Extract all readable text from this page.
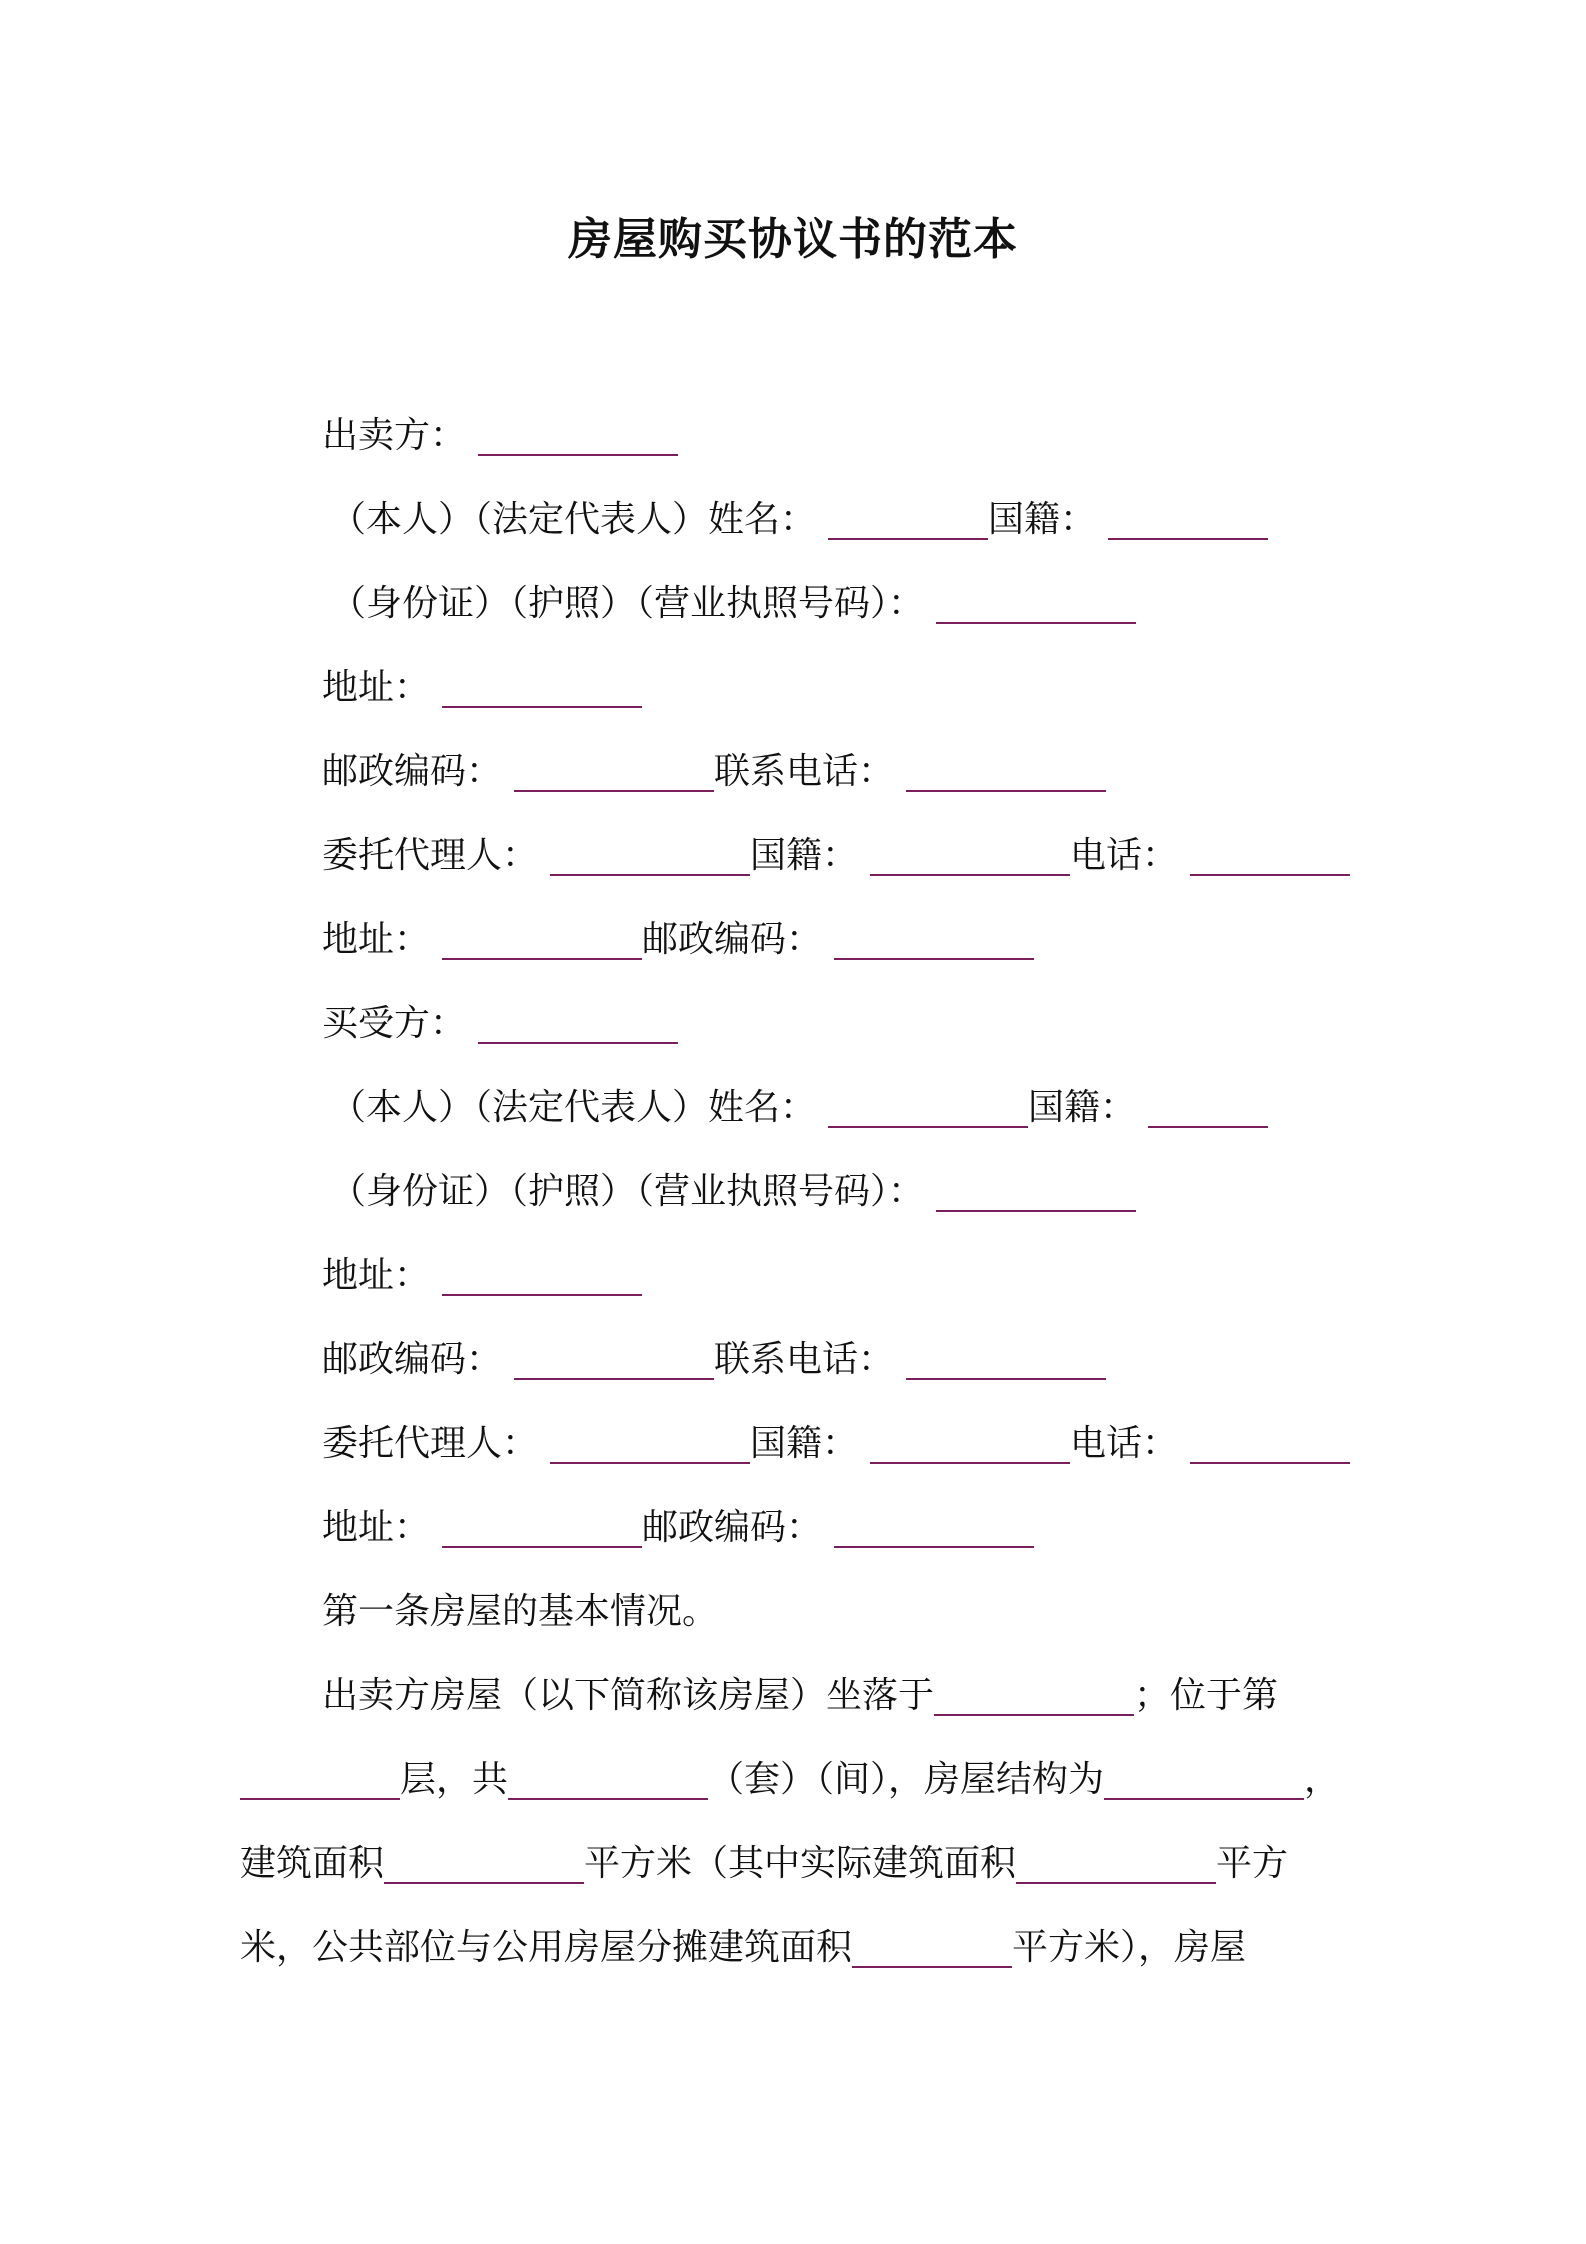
房屋购买协议书的范本
出卖方：
（本人）（法定代表人）姓名：	国籍：
（身份证）（护照）（营业执照号码）：
地址：
邮政编码：	联系电话：
委托代理人：	国籍：	电话：
地址：	邮政编码：
买受方：
（本人）（法定代表人）姓名：	国籍：
（身份证）（护照）（营业执照号码）：
地址：
邮政编码：	联系电话：
委托代理人：	国籍：	电话：
地址：	邮政编码：
第一条房屋的基本情况。
出卖方房屋（以下简称该房屋）坐落于	；位于第
层，共	（套）（间），房屋结构为	，
建筑面积	平方米（其中实际建筑面积	平方
米，公共部位与公用房屋分摊建筑面积	平方米），房屋
